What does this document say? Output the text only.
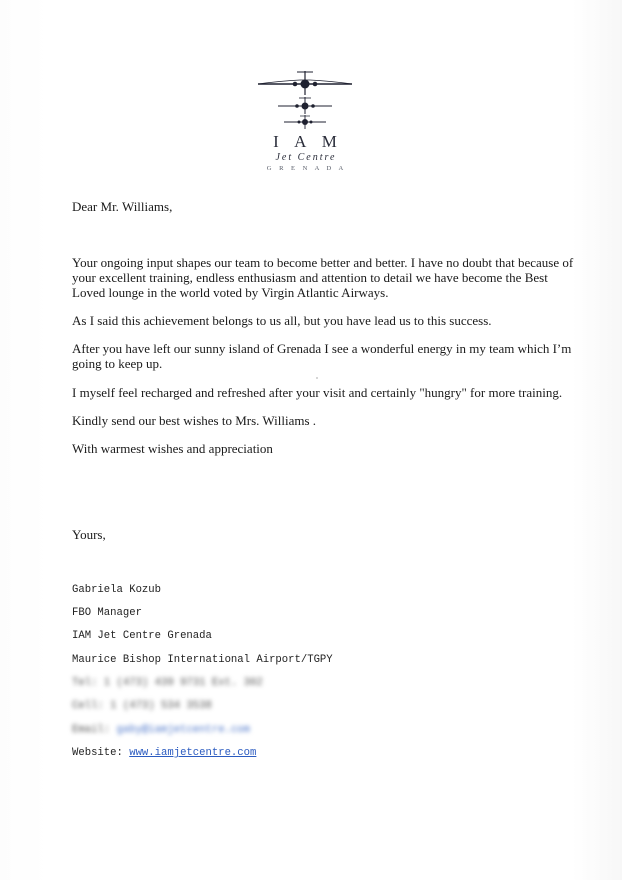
I A M
Jet Centre
G R E N A D A
Dear Mr. Williams,
Your ongoing input shapes our team to become better and better. I have no doubt that because of
your excellent training, endless enthusiasm and attention to detail we have become the Best
Loved lounge in the world voted by Virgin Atlantic Airways.
As I said this achievement belongs to us all, but you have lead us to this success.
After you have left our sunny island of Grenada I see a wonderful energy in my team which I’m
going to keep up.
I myself feel recharged and refreshed after your visit and certainly "hungry" for more training.
Kindly send our best wishes to Mrs. Williams .
With warmest wishes and appreciation
Yours,
Gabriela Kozub
FBO Manager
IAM Jet Centre Grenada
Maurice Bishop International Airport/TGPY
Tel: 1 (473) 439 9731 Ext. 302
Cell: 1 (473) 534 3538
Email: gaby@iamjetcentre.com
Website: www.iamjetcentre.com
